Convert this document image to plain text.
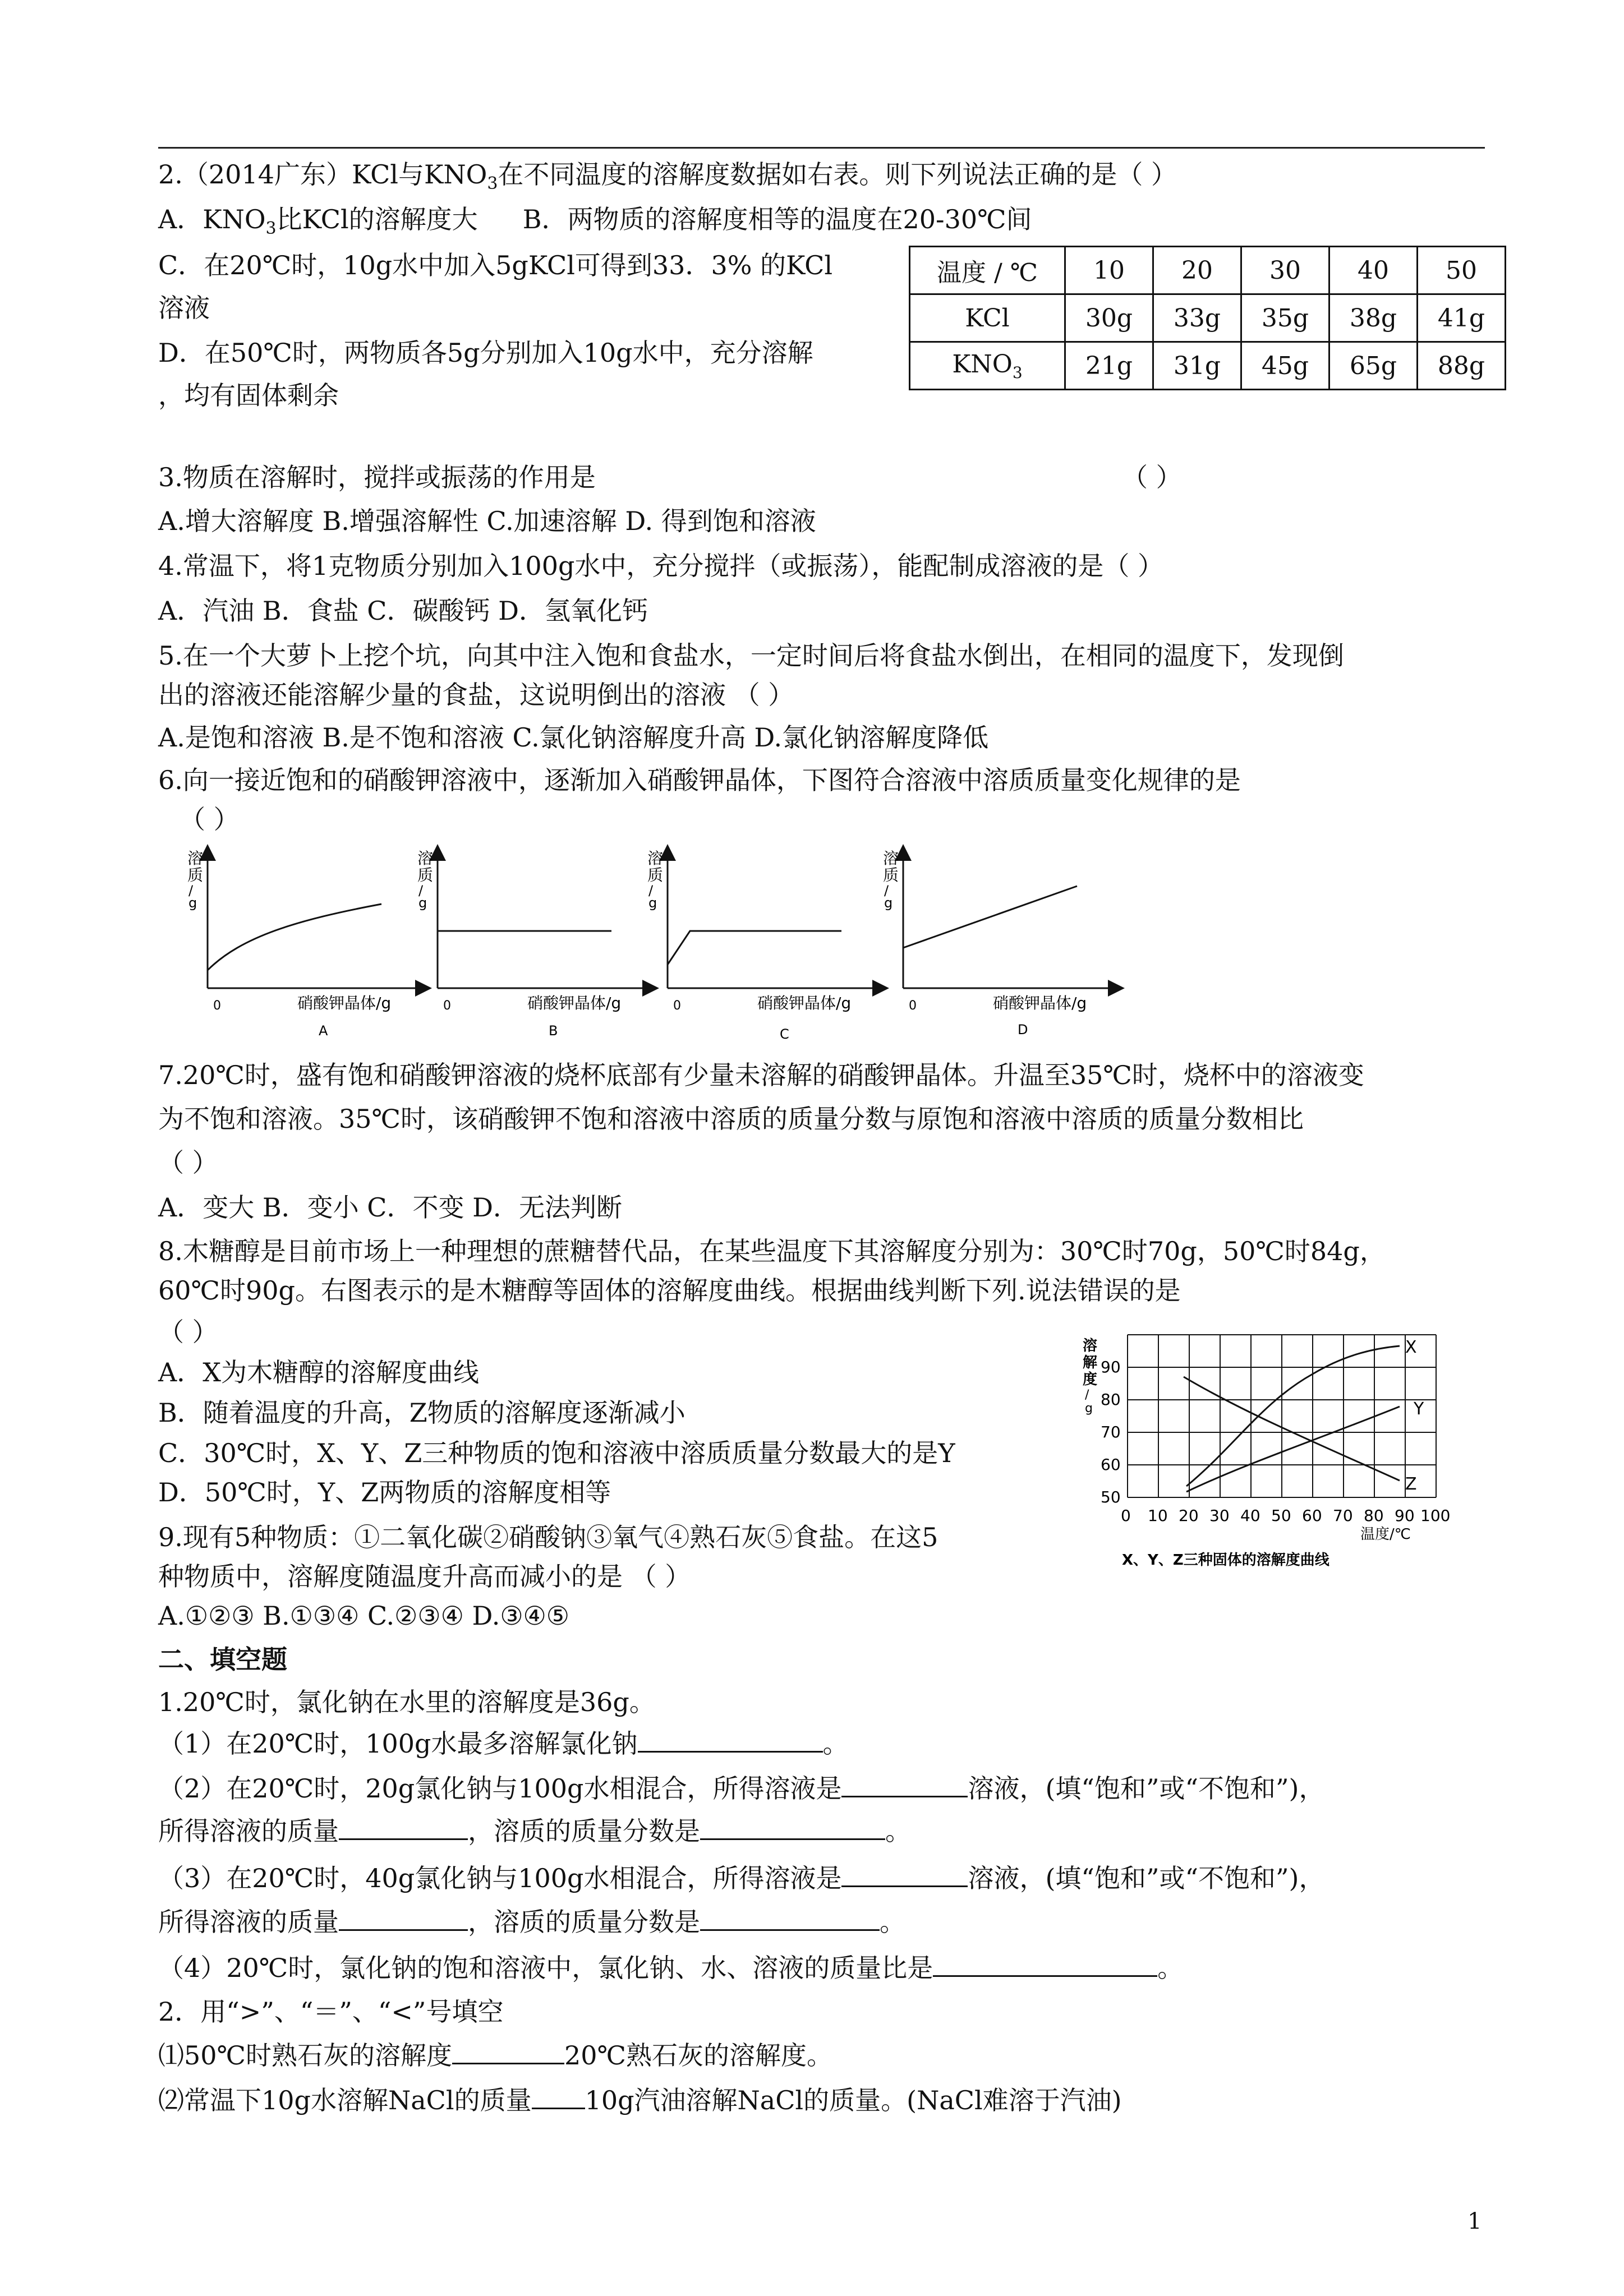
2.（2014广东）KCl与$KNO_3$在不同温度的溶解度数据如右表。则下列说法正确的是（ ）
A．$KNO_3$比KCl的溶解度大 B．两物质的溶解度相等的温度在20-30℃间
C．在20℃时，10g水中加入5gKCl可得到33．3% 的KCl
溶液
D．在50℃时，两物质各5g分别加入10g水中，充分溶解
，均有固体剩余
温度 / ℃	10	20	30	40	50
KCl	30g	33g	35g	38g	41g
$KNO_3$	21g	31g	45g	65g	88g
3.物质在溶解时，搅拌或振荡的作用是	（ ）
A.增大溶解度 B.增强溶解性 C.加速溶解 D. 得到饱和溶液
4.常温下，将1克物质分别加入100g水中，充分搅拌（或振荡），能配制成溶液的是（ ）
A．汽油 B．食盐 C．碳酸钙 D．氢氧化钙
5.在一个大萝卜上挖个坑，向其中注入饱和食盐水，一定时间后将食盐水倒出，在相同的温度下，发现倒
出的溶液还能溶解少量的食盐，这说明倒出的溶液 （ ）
A.是饱和溶液 B.是不饱和溶液 C.氯化钠溶解度升高 D.氯化钠溶解度降低
6.向一接近饱和的硝酸钾溶液中，逐渐加入硝酸钾晶体，下图符合溶液中溶质质量变化规律的是
（ ）
溶
质
/
g
0	硝酸钾晶体/g
A
溶
质
/
g
0	硝酸钾晶体/g
B
溶
质
/
g
0	硝酸钾晶体/g
C
溶
质
/
g
0	硝酸钾晶体/g
D
7.20℃时，盛有饱和硝酸钾溶液的烧杯底部有少量未溶解的硝酸钾晶体。升温至35℃时，烧杯中的溶液变
为不饱和溶液。35℃时，该硝酸钾不饱和溶液中溶质的质量分数与原饱和溶液中溶质的质量分数相比
（ ）
A．变大 B．变小 C．不变 D．无法判断
8.木糖醇是目前市场上一种理想的蔗糖替代品，在某些温度下其溶解度分别为：30℃时70g，50℃时84g，
60℃时90g。右图表示的是木糖醇等固体的溶解度曲线。根据曲线判断下列.说法错误的是
（ ）
A．X为木糖醇的溶解度曲线
B．随着温度的升高，Z物质的溶解度逐渐减小
C．30℃时，X、Y、Z三种物质的饱和溶液中溶质质量分数最大的是Y
D．50℃时，Y、Z两物质的溶解度相等
9.现有5种物质：①二氧化碳②硝酸钠③氧气④熟石灰⑤食盐。在这5
种物质中，溶解度随温度升高而减小的是 （ ）
A.①②③ B.①③④ C.②③④ D.③④⑤
X
Y
Z
溶
解
度
/
g
90
80
70
60
50
0 10 20 30 40 50 60 70 80 90 100
温度/℃
X、Y、Z三种固体的溶解度曲线
二、填空题
1.20℃时，氯化钠在水里的溶解度是36g。
（1）在20℃时，100g水最多溶解氯化钠	。
（2）在20℃时，20g氯化钠与100g水相混合，所得溶液是	溶液，(填“饱和”或“不饱和”)，
所得溶液的质量	，溶质的质量分数是	。
（3）在20℃时，40g氯化钠与100g水相混合，所得溶液是	溶液，(填“饱和”或“不饱和”)，
所得溶液的质量	，溶质的质量分数是	。
（4）20℃时，氯化钠的饱和溶液中，氯化钠、水、溶液的质量比是	。
2．用“>”、“＝”、“<”号填空
⑴50℃时熟石灰的溶解度	20℃熟石灰的溶解度。
⑵常温下10g水溶解NaCl的质量 10g汽油溶解NaCl的质量。(NaCl难溶于汽油)
1
